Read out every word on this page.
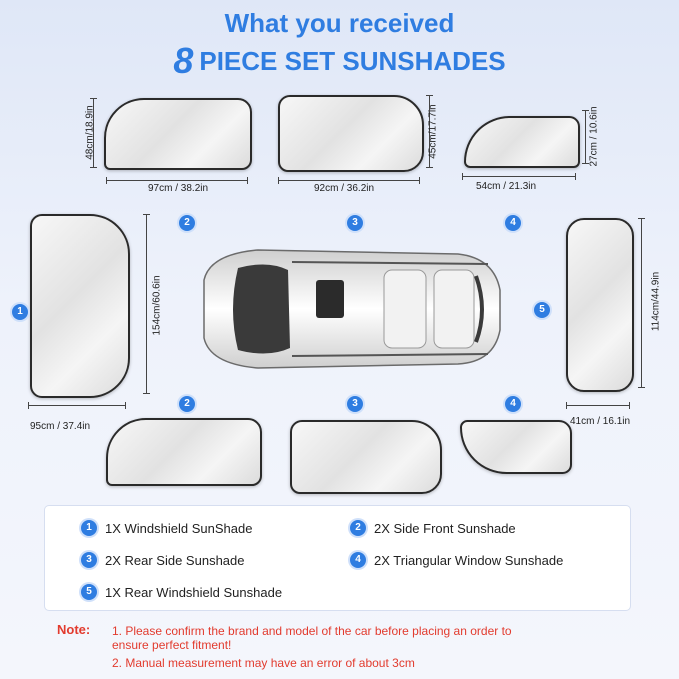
What you received
8 PIECE SET SUNSHADES
48cm/18.9in
97cm / 38.2in
45cm/17.7in
92cm / 36.2in
27cm / 10.6in
54cm / 21.3in
154cm/60.6in
95cm / 37.4in
1	114cm/44.9in
41cm / 16.1in
5
2	3	4
2	3	4
1	1X Windshield SunShade	2	2X Side Front Sunshade
3	2X Rear Side Sunshade	4	2X Triangular Window Sunshade
5	1X Rear Windshield Sunshade
Note: 1. Please confirm the brand and model of the car before placing an order to ensure perfect fitment!
2. Manual measurement may have an error of about 3cm
